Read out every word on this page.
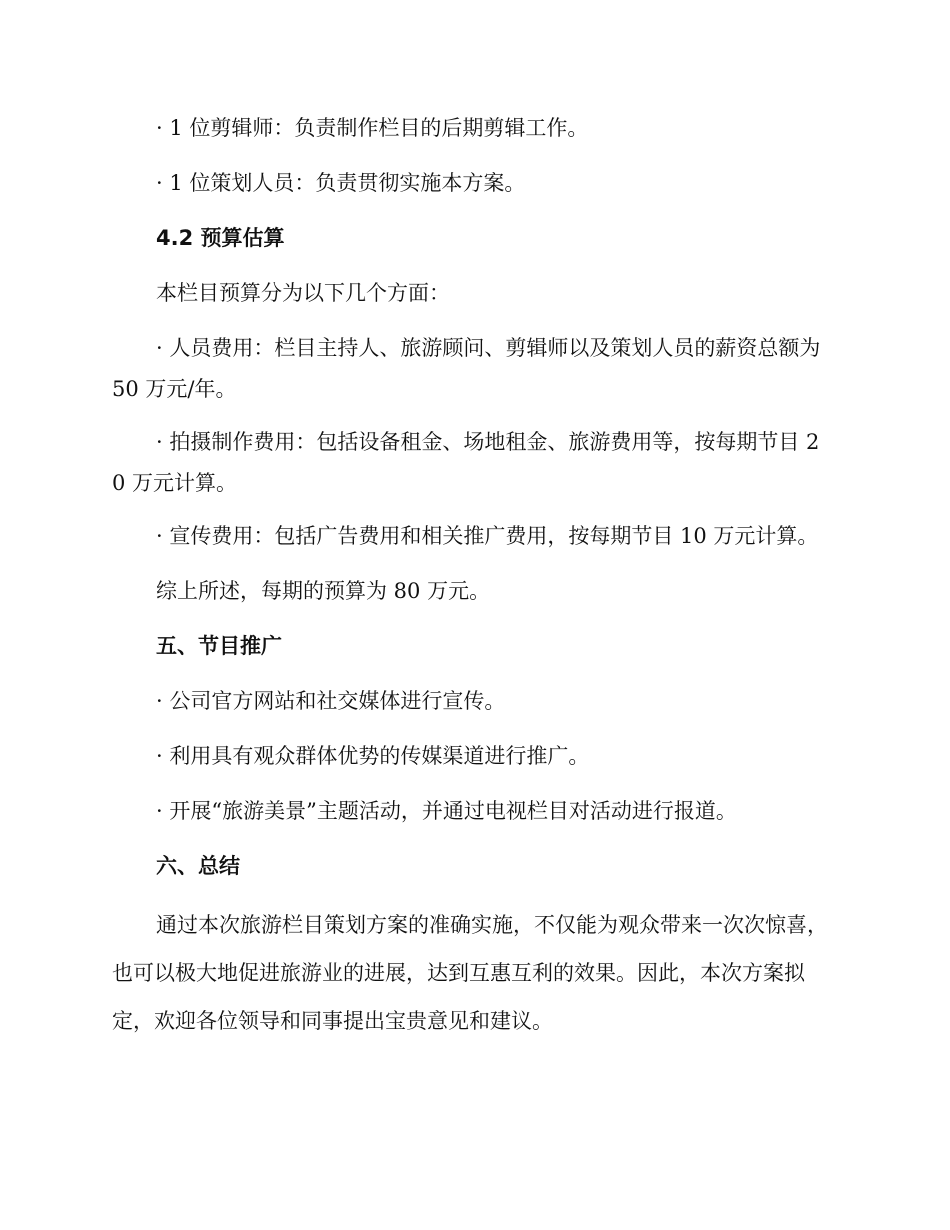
· 1 位剪辑师：负责制作栏目的后期剪辑工作。

· 1 位策划人员：负责贯彻实施本方案。

4.2 预算估算

本栏目预算分为以下几个方面：

· 人员费用：栏目主持人、旅游顾问、剪辑师以及策划人员的薪资总额为 50 万元/年。

· 拍摄制作费用：包括设备租金、场地租金、旅游费用等，按每期节目 20 万元计算。

· 宣传费用：包括广告费用和相关推广费用，按每期节目 10 万元计算。

综上所述，每期的预算为 80 万元。

五、节目推广

· 公司官方网站和社交媒体进行宣传。

· 利用具有观众群体优势的传媒渠道进行推广。

· 开展“旅游美景”主题活动，并通过电视栏目对活动进行报道。

六、总结

通过本次旅游栏目策划方案的准确实施，不仅能为观众带来一次次惊喜，也可以极大地促进旅游业的进展，达到互惠互利的效果。因此，本次方案拟定，欢迎各位领导和同事提出宝贵意见和建议。
